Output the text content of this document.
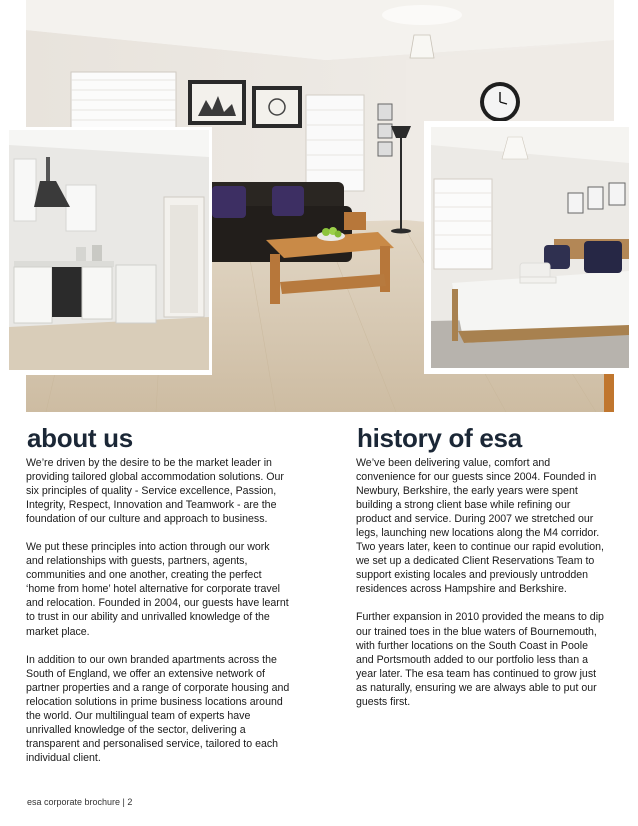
about us

We’re driven by the desire to be the market leader in providing tailored global accommodation solutions. Our six principles of quality - Service excellence, Passion, Integrity, Respect, Innovation and Teamwork - are the foundation of our culture and approach to business.

We put these principles into action through our work and relationships with guests, partners, agents, communities and one another, creating the perfect ‘home from home’ hotel alternative for corporate travel and relocation. Founded in 2004, our guests have learnt to trust in our ability and unrivalled knowledge of the market place.

In addition to our own branded apartments across the South of England, we offer an extensive network of partner properties and a range of corporate housing and relocation solutions in prime business locations around the world. Our multilingual team of experts have unrivalled knowledge of the sector, delivering a transparent and personalised service, tailored to each individual client.

history of esa

We’ve been delivering value, comfort and convenience for our guests since 2004. Founded in Newbury, Berkshire, the early years were spent building a strong client base while refining our product and service. During 2007 we stretched our legs, launching new locations along the M4 corridor. Two years later, keen to continue our rapid evolution, we set up a dedicated Client Reservations Team to support existing locales and previously untrodden residences across Hampshire and Berkshire.

Further expansion in 2010 provided the means to dip our trained toes in the blue waters of Bournemouth, with further locations on the South Coast in Poole and Portsmouth added to our portfolio less than a year later. The esa team has continued to grow just as naturally, ensuring we are always able to put our guests first.

esa corporate brochure | 2
